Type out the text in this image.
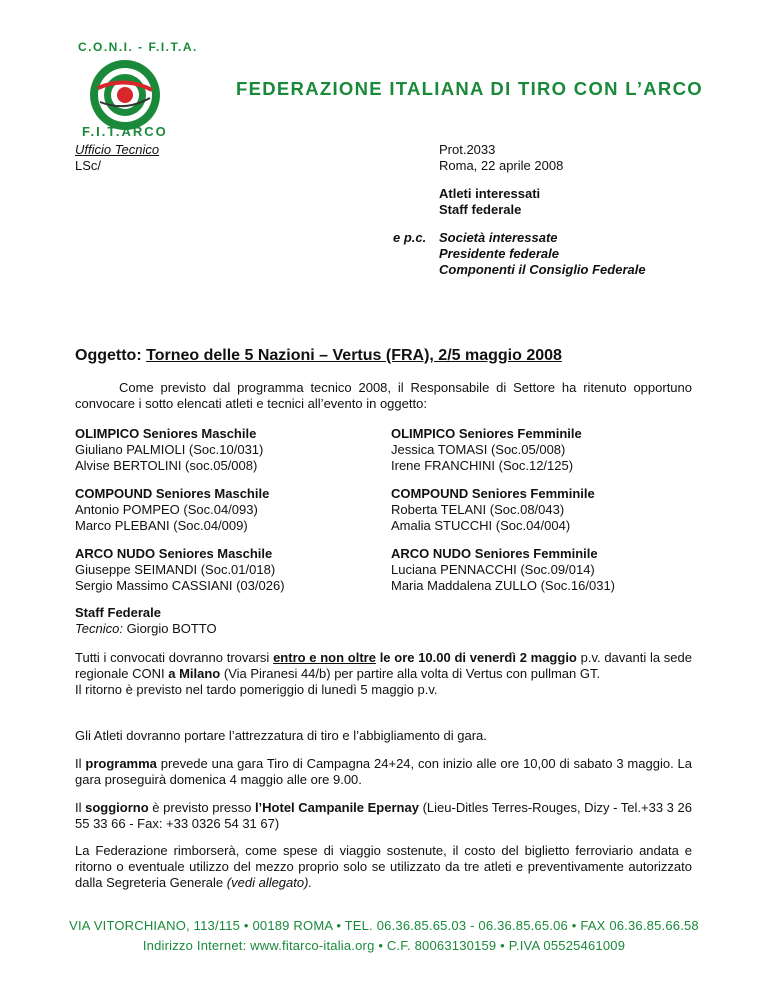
C.O.N.I. - F.I.T.A.
F.I.T.ARCO
FEDERAZIONE ITALIANA DI TIRO CON L’ARCO
Ufficio Tecnico
LSc/
Prot.2033
Roma, 22 aprile 2008
Atleti interessati
Staff federale
e p.c. Società interessate
Presidente federale
Componenti il Consiglio Federale
Oggetto: Torneo delle 5 Nazioni – Vertus (FRA), 2/5 maggio 2008
Come previsto dal programma tecnico 2008, il Responsabile di Settore ha ritenuto opportuno convocare i sotto elencati atleti e tecnici all’evento in oggetto:
OLIMPICO Seniores Maschile
Giuliano PALMIOLI (Soc.10/031)
Alvise BERTOLINI (soc.05/008)
OLIMPICO Seniores Femminile
Jessica TOMASI (Soc.05/008)
Irene FRANCHINI (Soc.12/125)
COMPOUND Seniores Maschile
Antonio POMPEO (Soc.04/093)
Marco PLEBANI (Soc.04/009)
COMPOUND Seniores Femminile
Roberta TELANI (Soc.08/043)
Amalia STUCCHI (Soc.04/004)
ARCO NUDO Seniores Maschile
Giuseppe SEIMANDI (Soc.01/018)
Sergio Massimo CASSIANI (03/026)
ARCO NUDO Seniores Femminile
Luciana PENNACCHI (Soc.09/014)
Maria Maddalena ZULLO (Soc.16/031)
Staff Federale
Tecnico: Giorgio BOTTO
Tutti i convocati dovranno trovarsi entro e non oltre le ore 10.00 di venerdì 2 maggio p.v. davanti la sede regionale CONI a Milano (Via Piranesi 44/b) per partire alla volta di Vertus con pullman GT.
Il ritorno è previsto nel tardo pomeriggio di lunedì 5 maggio p.v.
Gli Atleti dovranno portare l’attrezzatura di tiro e l’abbigliamento di gara.
Il programma prevede una gara Tiro di Campagna 24+24, con inizio alle ore 10,00 di sabato 3 maggio. La gara proseguirà domenica 4 maggio alle ore 9.00.
Il soggiorno è previsto presso l’Hotel Campanile Epernay (Lieu-Ditles Terres-Rouges, Dizy - Tel.+33 3 26 55 33 66 - Fax: +33 0326 54 31 67)
La Federazione rimborserà, come spese di viaggio sostenute, il costo del biglietto ferroviario andata e ritorno o eventuale utilizzo del mezzo proprio solo se utilizzato da tre atleti e preventivamente autorizzato dalla Segreteria Generale (vedi allegato).
VIA VITORCHIANO, 113/115 • 00189 ROMA • TEL. 06.36.85.65.03 - 06.36.85.65.06 • FAX 06.36.85.66.58
Indirizzo Internet: www.fitarco-italia.org • C.F. 80063130159 • P.IVA 05525461009
